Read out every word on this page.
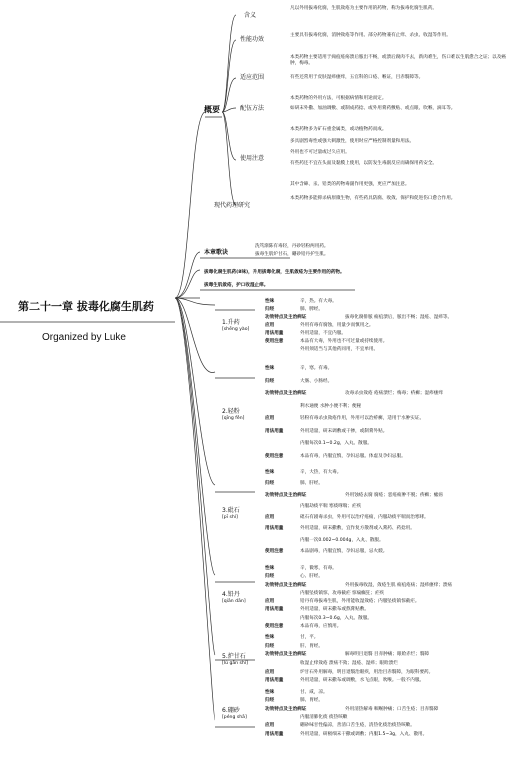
第二十一章 拔毒化腐生肌药
Organized by Luke
概要
含义
凡以外用拔毒化腐，生肌敛疮为主要作用的药物，称为拔毒化腐生肌药。
性能功效
主要具有拔毒化腐，消肿敛疮等作用。部分药物兼有止痒、杀虫、收湿等作用。
适应范围
本类药物主要适用于痈疽疮疡溃后脓出不畅，或溃后腐肉不去，新肉难生，伤口难以生肌愈合之证；以及癌肿，梅毒。
有些还常用于皮肤湿疹瘙痒，五官科的口疮、喉证，目赤翳障等。
配伍方法
本类药物的外用方法，可根据病情和用途而定。
如研末外撒、加油调敷、或制成药捻、或外用膏药敷贴、或点眼、吹喉、滴耳等。
使用注意
本类药物多为矿石重金属类，或动植物药而成。
多具剧烈毒性或强大刺激性，使用时应严格控制剂量和用法。
外用也不可过量或过久应用。
有些药还不宜在头面及黏膜上使用，以防发生毒副反应而确保用药安全。
其中含砷、汞、铅类的药物毒副作用更强，更应严加注意。
现代药理研究
本类药物多能抑杀病原微生物，有些药具防腐、收敛、保护和促进伤口愈合作用。
本章歌诀
洗笃渐陈有毒轻，丹砂轻粉两用药。
拔毒生肌炉甘石，硼砂铅丹护生肌。
拔毒化腐生肌药(8味)，升用拔毒化腐，生肌敛疮为主要作用的药物。
拔毒生肌敛疮，护口收湿止痒。
1.升药
[shēng yào]
性味	辛，热。有大毒。
归经	肺、脾经。
功效特点及主治病证	拔毒化腐排脓 痈疽溃后，脓出不畅；湿疮、湿疹等。
应用	外用有毒有腐蚀，用量少而慎用之。
用法用量	外用适量，不宜内服。
使用注意	本品有大毒，外用也不可过量或持续使用。
外用须适当与其他药同用，不宜单用。
2.轻粉
[qīng fěn]
性味	辛，寒。有毒。
归经	大肠、小肠经。
功效特点及主治病证	攻毒杀虫敛疮 疮疡溃烂；梅毒；疥癣；湿疹瘙痒
利水通便 水肿小便不利；便秘
应用	轻粉有毒杀虫敛疮作用，外用可以治疥癣，适用于水肿实证。
用法用量	外用适量，研末调敷或干掺，或制膏外贴。
内服每次0.1~0.2g，入丸、散服。
使用注意	本品有毒，内服宜慎，孕妇忌服。体虚及孕妇忌服。
3.砒石
[pī shí]
性味	辛，大热，有大毒。
归经	肺、肝经。
功效特点及主治病证	外用蚀疮去腐 腐疮；恶疮痈肿不脱；疥癣；瘰疬
内服劫痰平喘 寒痰哮喘；疟疾
应用	砒石有剧毒杀虫，外用可以治疗疮痈，内服劫痰平喘而治寒哮。
用法用量	外用适量，研末撒敷，宜作复方散剂或入膏药、药捻用。
内服一次0.002~0.004g，入丸、散服。
使用注意	本品剧毒，内服宜慎，孕妇忌服，忌火煅。
4.铅丹
[qiān dān]
性味	辛，微寒，有毒。
归经	心、肝经。
功效特点及主治病证	外用拔毒收湿，敛疮生肌 痈疽疮疡；湿疹瘙痒；溃疡
内服坠痰镇惊，攻毒截疟 惊痫癫狂；疟疾
应用	铅丹有毒拔毒生肌，外用能收湿敛疮；内服坠痰镇惊截疟。
用法用量	外用适量，研末撒布或熬膏贴敷。
内服每次0.3~0.6g，入丸、散服。
使用注意	本品有毒，应慎用。
5.炉甘石
[lú gān shí]
性味	甘，平。
归经	肝、胃经。
功效特点及主治病证	解毒明目退翳 目赤肿痛；眼睑赤烂；翳障
收湿止痒敛疮 溃疡不敛；湿疮、湿疹；眼睑溃烂
应用	炉甘石外用解毒，明目退翳治眼疾，用治目赤翳障，为眼科要药。
用法用量	外用适量，研末撒布或调敷，水飞点眼，吹喉。一般不内服。
6.硼砂
[péng shā]
性味	甘、咸，凉。
归经	肺、胃经。
功效特点及主治病证	外用清热解毒 咽喉肿痛；口舌生疮；目赤翳障
内服清肺化痰 痰热咳嗽
应用	硼砂味甘性偏凉，善清口舌生疮，清热化痰治痰热咳嗽。
用法用量	外用适量，研极细末干撒或调敷；内服1.5~3g，入丸、散用。
